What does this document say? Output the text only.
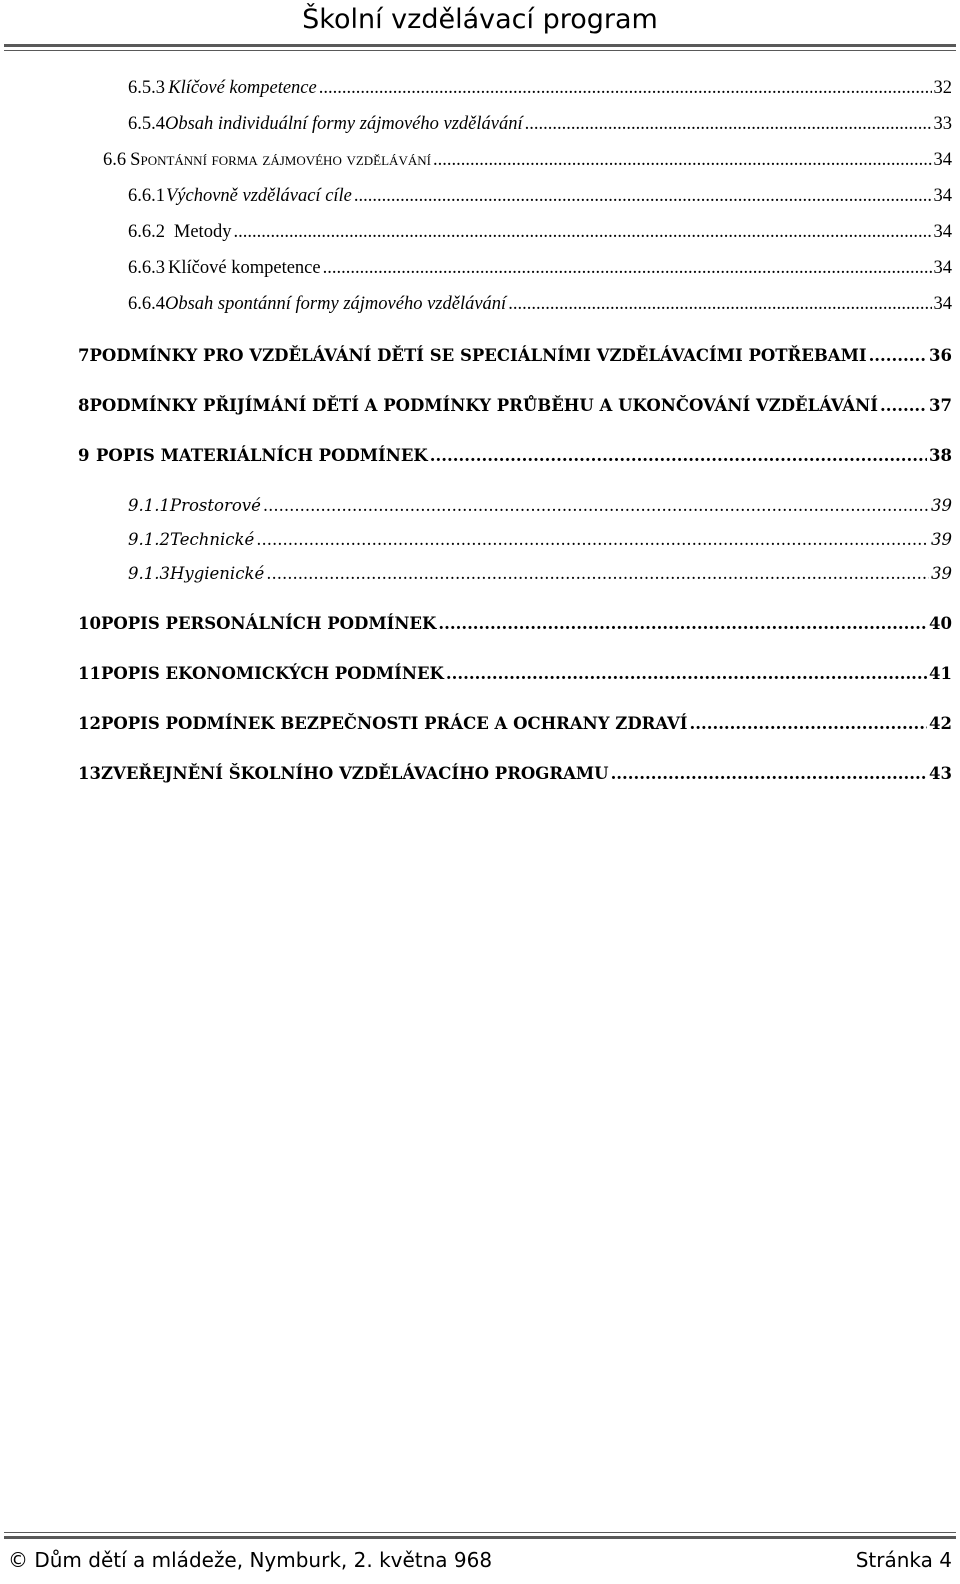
Školní vzdělávací program
6.5.3 Klíčové kompetence .....	32
6.5.4 Obsah individuální formy zájmového vzdělávání .....	33
6.6 Spontánní forma zájmového vzdělávání .....	34
6.6.1 Výchovně vzdělávací cíle .....	34
6.6.2 Metody .....	34
6.6.3 Klíčové kompetence .....	34
6.6.4 Obsah spontánní formy zájmového vzdělávání .....	34
7 PODMÍNKY PRO VZDĚLÁVÁNÍ DĚTÍ SE SPECIÁLNÍMI VZDĚLÁVACÍMI POTŘEBAMI .....	36
8 PODMÍNKY PŘIJÍMÁNÍ DĚTÍ A PODMÍNKY PRŮBĚHU A UKONČOVÁNÍ VZDĚLÁVÁNÍ .....	37
9 POPIS MATERIÁLNÍCH PODMÍNEK .....	38
9.1.1 Prostorové .....	39
9.1.2 Technické .....	39
9.1.3 Hygienické .....	39
10 POPIS PERSONÁLNÍCH PODMÍNEK .....	40
11 POPIS EKONOMICKÝCH PODMÍNEK .....	41
12 POPIS PODMÍNEK BEZPEČNOSTI PRÁCE A OCHRANY ZDRAVÍ .....	42
13 ZVEŘEJNĚNÍ ŠKOLNÍHO VZDĚLÁVACÍHO PROGRAMU .....	43
© Dům dětí a mládeže, Nymburk, 2. května 968	Stránka 4
